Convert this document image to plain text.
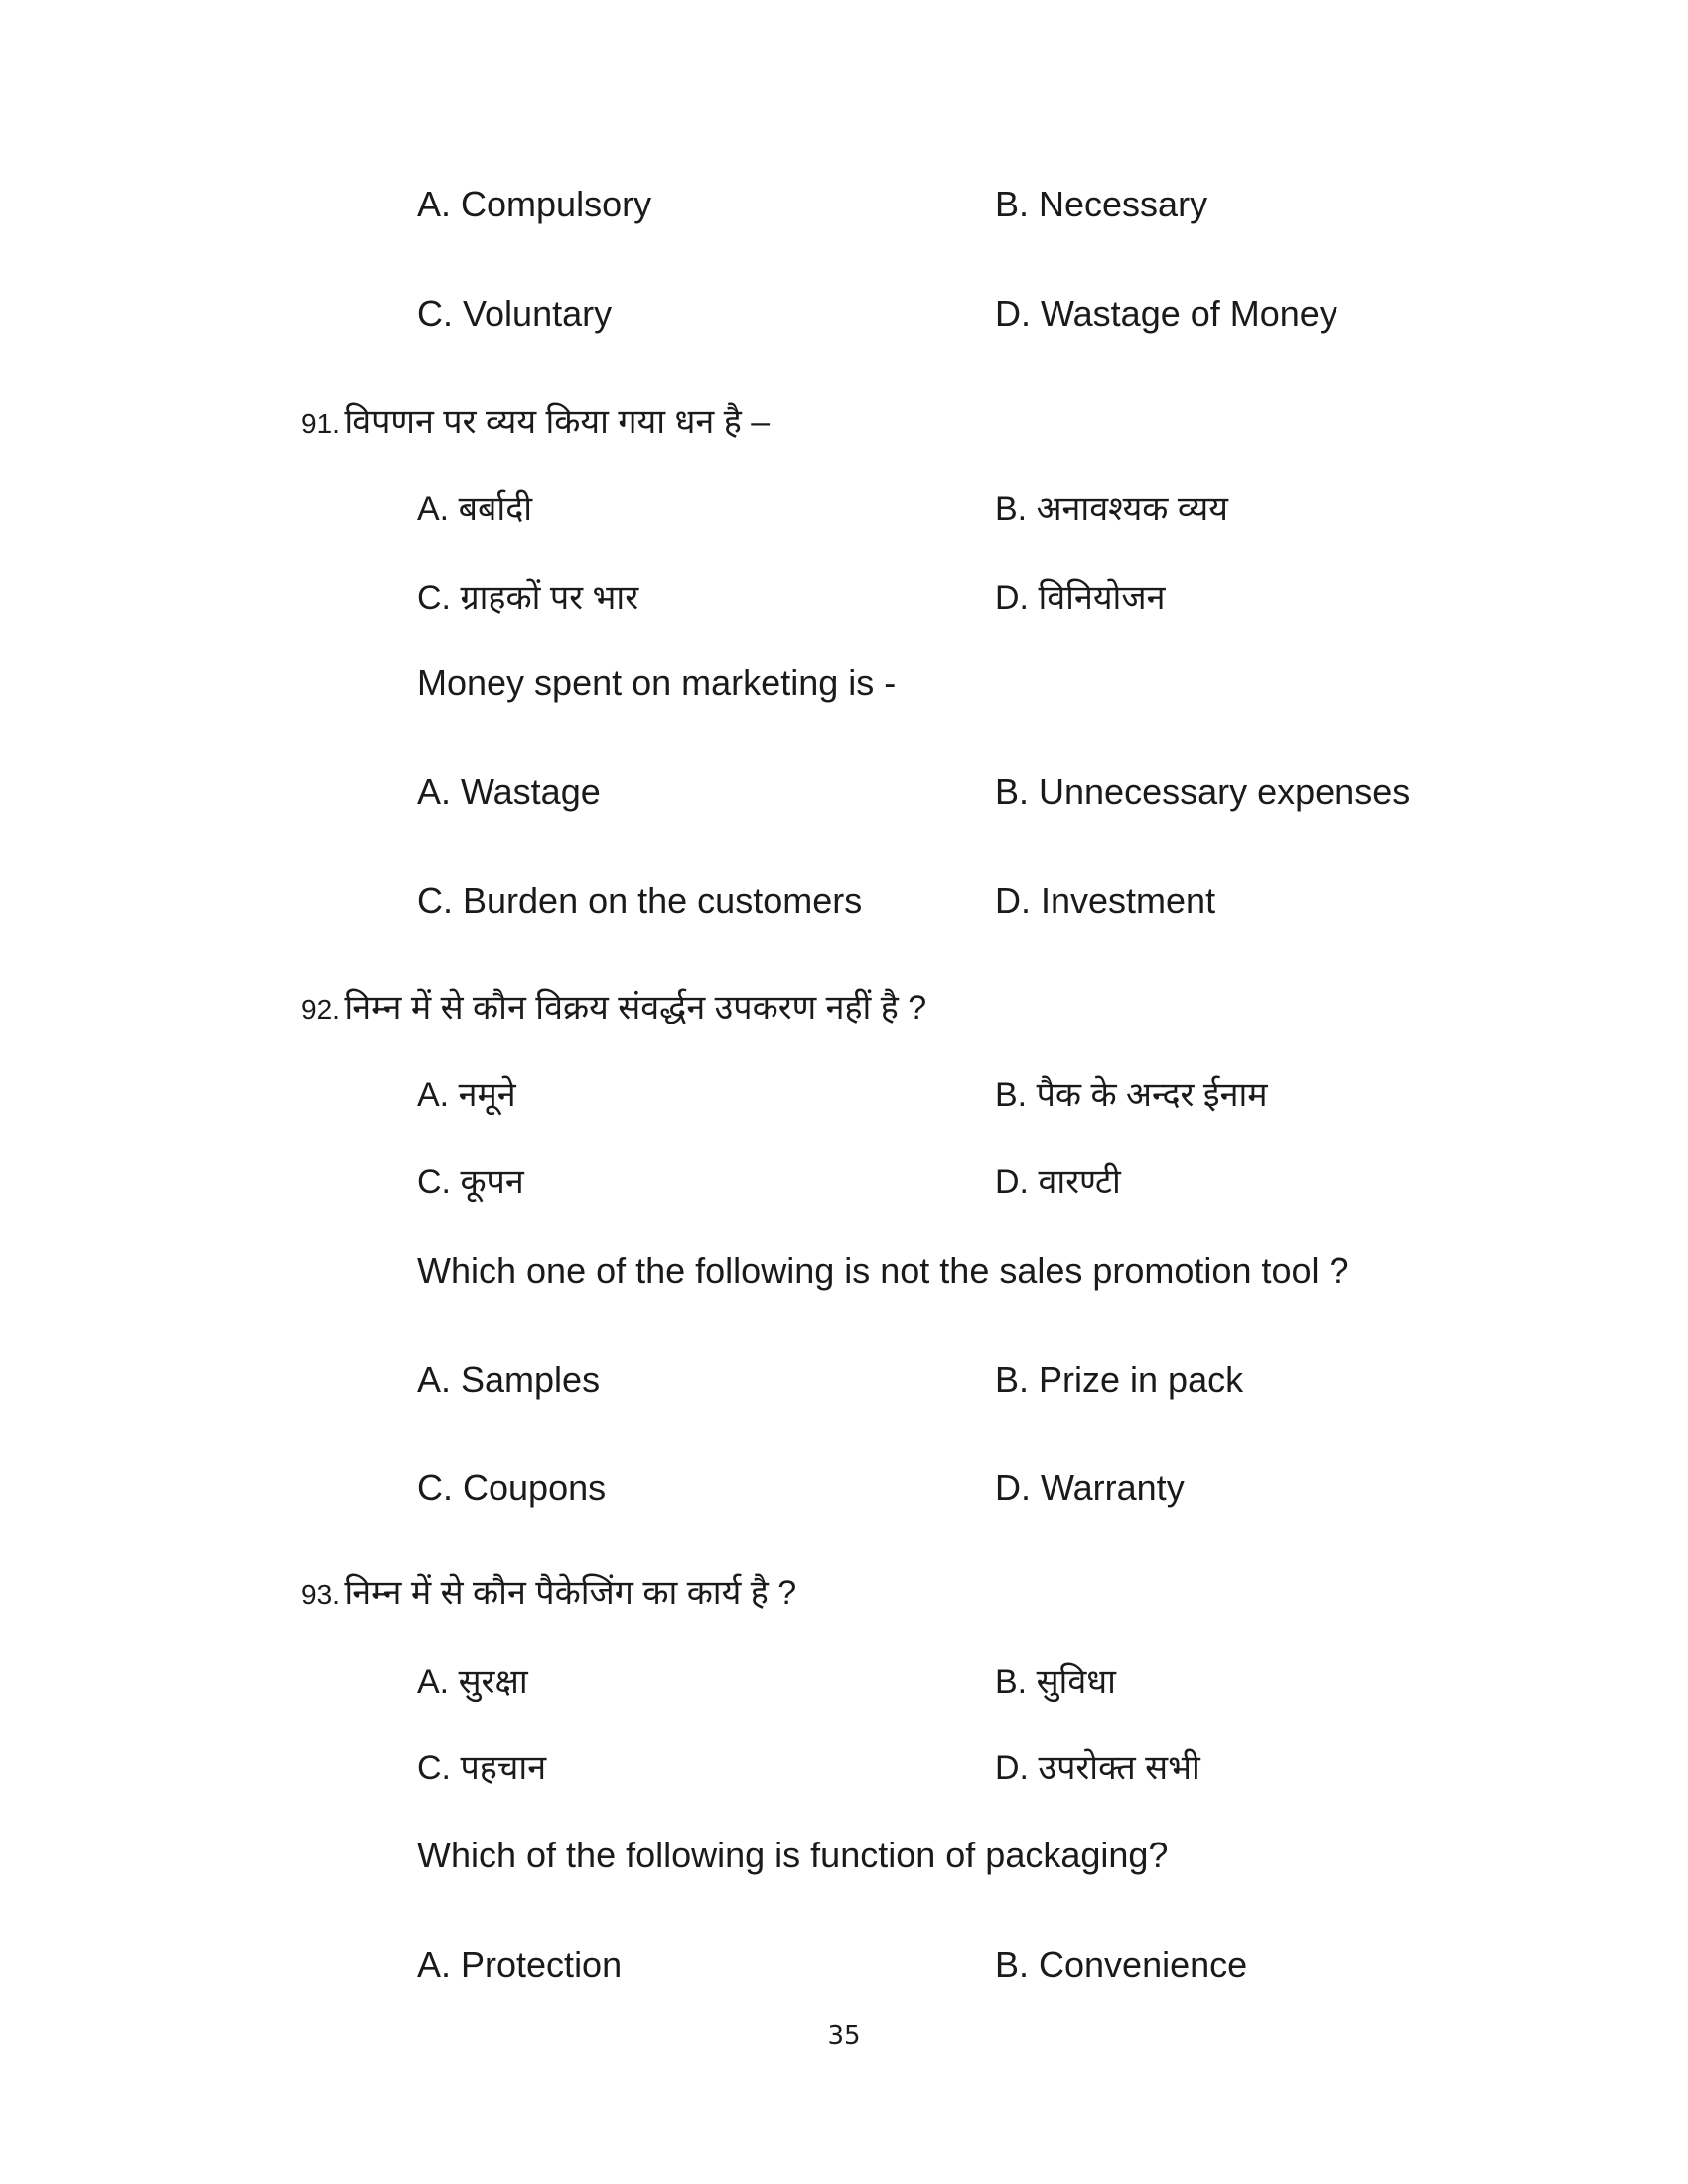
A. Compulsory	B. Necessary
C. Voluntary	D. Wastage of Money
91. विपणन पर व्यय किया गया धन है –
A. बर्बादी	B. अनावश्यक व्यय
C. ग्राहकों पर भार	D. विनियोजन
Money spent on marketing is -
A. Wastage	B. Unnecessary expenses
C. Burden on the customers	D. Investment
92. निम्न में से कौन विक्रय संवर्द्धन उपकरण नहीं है ?
A. नमूने	B. पैक के अन्दर ईनाम
C. कूपन	D. वारण्टी
Which one of the following is not the sales promotion tool ?
A. Samples	B. Prize in pack
C. Coupons	D. Warranty
93. निम्न में से कौन पैकेजिंग का कार्य है ?
A. सुरक्षा	B. सुविधा
C. पहचान	D. उपरोक्त सभी
Which of the following is function of packaging?
A. Protection	B. Convenience
35
